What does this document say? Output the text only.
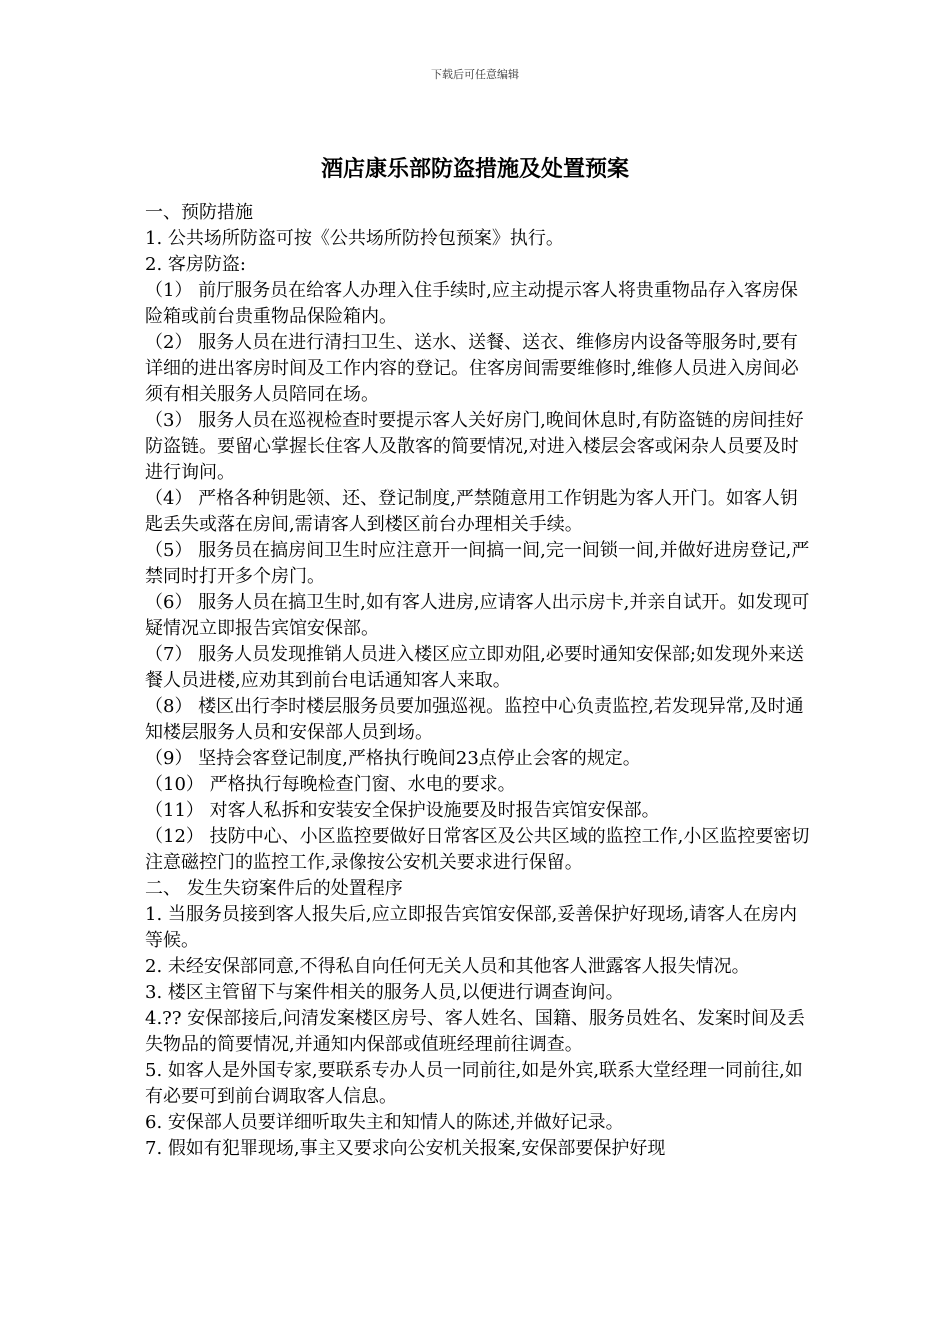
下载后可任意编辑
酒店康乐部防盗措施及处置预案

一、预防措施

1. 公共场所防盗可按《公共场所防拎包预案》执行。

2. 客房防盗:

（1） 前厅服务员在给客人办理入住手续时,应主动提示客人将贵重物品存入客房保险箱或前台贵重物品保险箱内。

（2） 服务人员在进行清扫卫生、送水、送餐、送衣、维修房内设备等服务时,要有详细的进出客房时间及工作内容的登记。住客房间需要维修时,维修人员进入房间必须有相关服务人员陪同在场。

（3） 服务人员在巡视检查时要提示客人关好房门,晚间休息时,有防盗链的房间挂好防盗链。要留心掌握长住客人及散客的简要情况,对进入楼层会客或闲杂人员要及时进行询问。

（4） 严格各种钥匙领、还、登记制度,严禁随意用工作钥匙为客人开门。如客人钥匙丢失或落在房间,需请客人到楼区前台办理相关手续。

（5） 服务员在搞房间卫生时应注意开一间搞一间,完一间锁一间,并做好进房登记,严禁同时打开多个房门。

（6） 服务人员在搞卫生时,如有客人进房,应请客人出示房卡,并亲自试开。如发现可疑情况立即报告宾馆安保部。

（7） 服务人员发现推销人员进入楼区应立即劝阻,必要时通知安保部;如发现外来送餐人员进楼,应劝其到前台电话通知客人来取。

（8） 楼区出行李时楼层服务员要加强巡视。监控中心负责监控,若发现异常,及时通知楼层服务人员和安保部人员到场。

（9） 坚持会客登记制度,严格执行晚间23点停止会客的规定。

（10） 严格执行每晚检查门窗、水电的要求。

（11） 对客人私拆和安装安全保护设施要及时报告宾馆安保部。

（12） 技防中心、小区监控要做好日常客区及公共区域的监控工作,小区监控要密切注意磁控门的监控工作,录像按公安机关要求进行保留。

二、 发生失窃案件后的处置程序

1. 当服务员接到客人报失后,应立即报告宾馆安保部,妥善保护好现场,请客人在房内等候。

2. 未经安保部同意,不得私自向任何无关人员和其他客人泄露客人报失情况。

3. 楼区主管留下与案件相关的服务人员,以便进行调查询问。

4.?? 安保部接后,问清发案楼区房号、客人姓名、国籍、服务员姓名、发案时间及丢失物品的简要情况,并通知内保部或值班经理前往调查。

5. 如客人是外国专家,要联系专办人员一同前往,如是外宾,联系大堂经理一同前往,如有必要可到前台调取客人信息。

6. 安保部人员要详细听取失主和知情人的陈述,并做好记录。

7. 假如有犯罪现场,事主又要求向公安机关报案,安保部要保护好现
